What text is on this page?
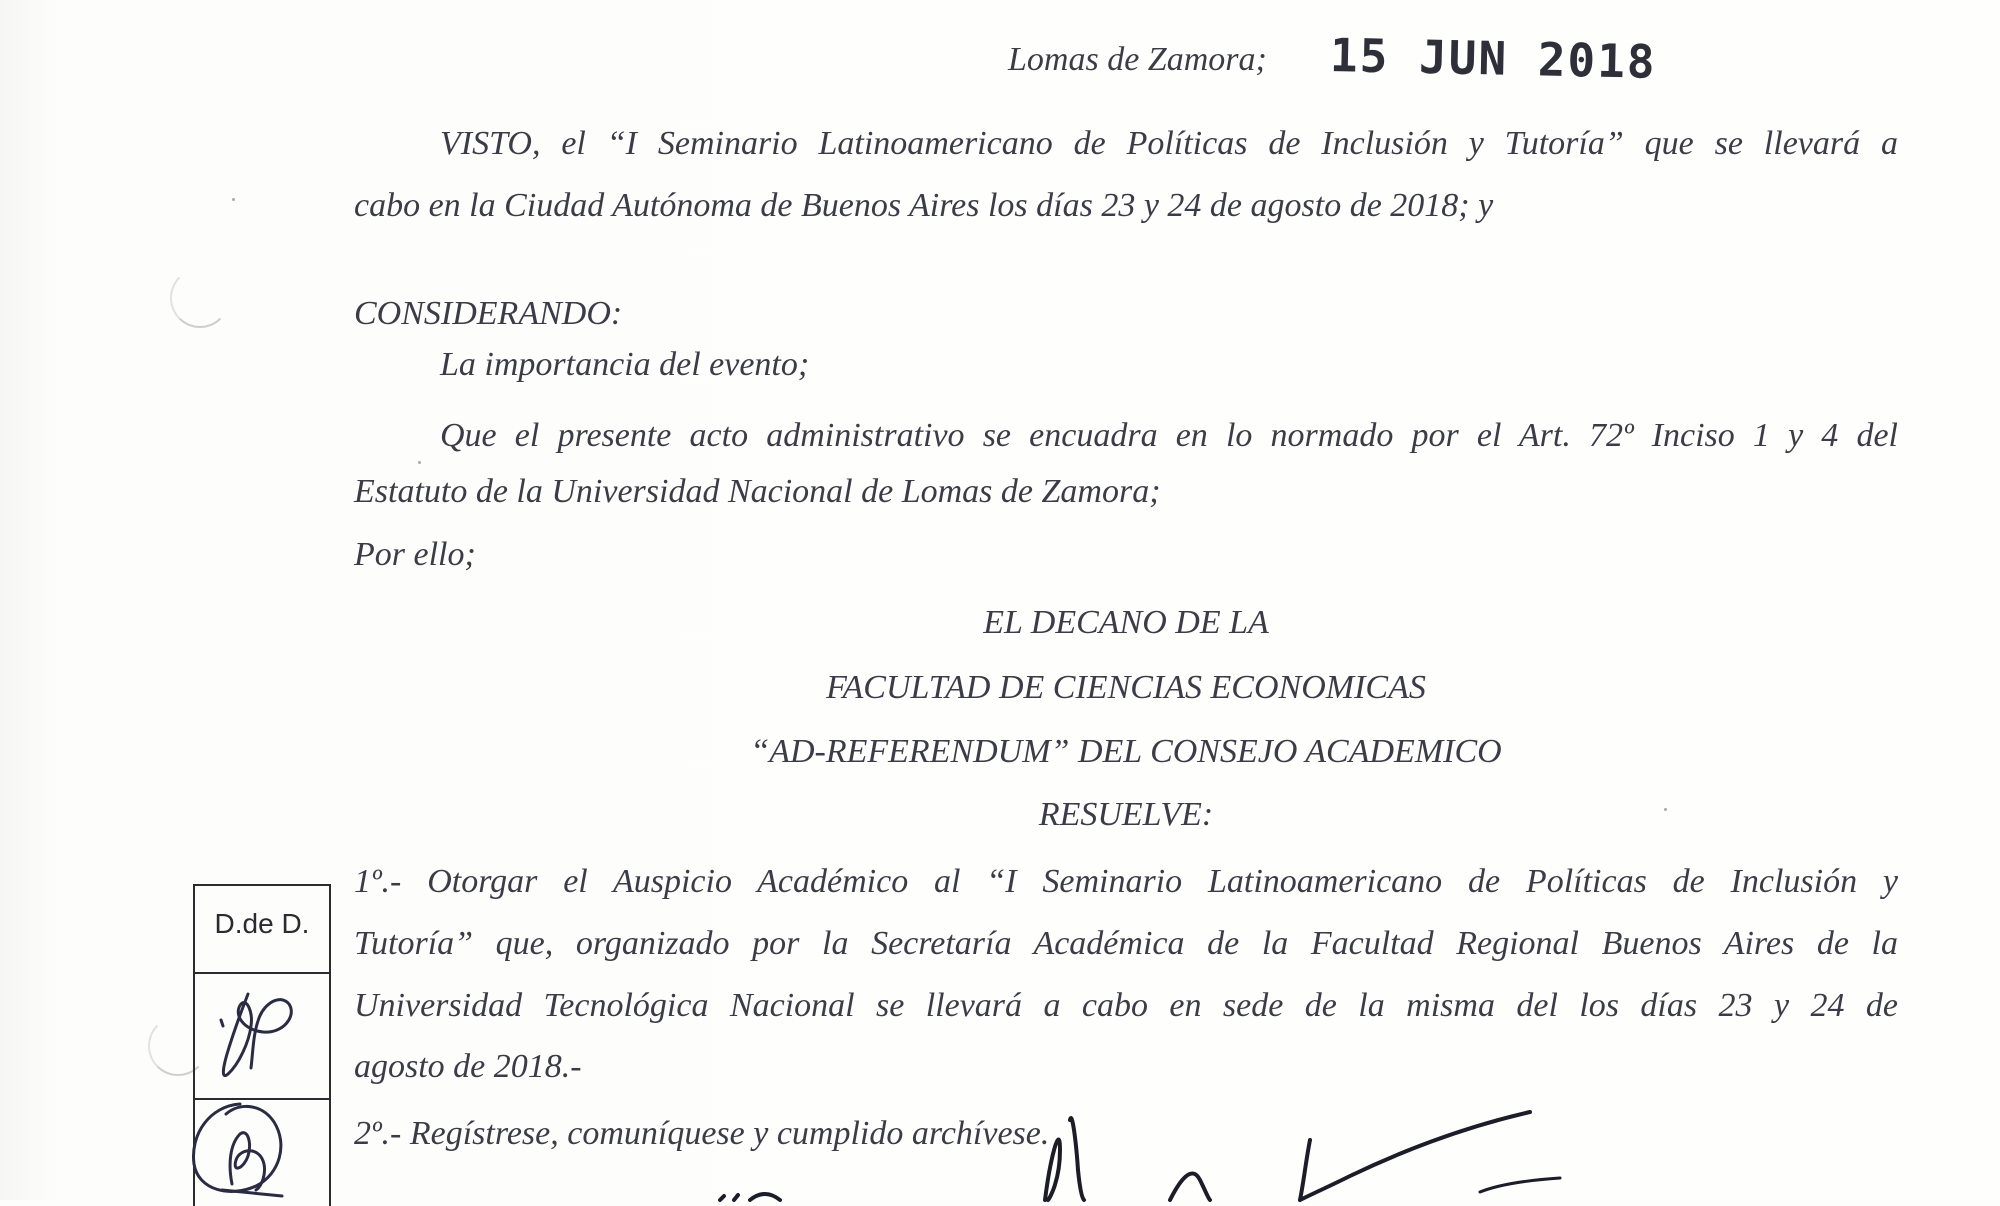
Lomas de Zamora; 15 JUN 2018
VISTO, el “I Seminario Latinoamericano de Políticas de Inclusión y Tutoría” que se llevará a
cabo en la Ciudad Autónoma de Buenos Aires los días 23 y 24 de agosto de 2018; y
CONSIDERANDO:
La importancia del evento;
Que el presente acto administrativo se encuadra en lo normado por el Art. 72º Inciso 1 y 4 del
Estatuto de la Universidad Nacional de Lomas de Zamora;
Por ello;
EL DECANO DE LA
FACULTAD DE CIENCIAS ECONOMICAS
“AD-REFERENDUM” DEL CONSEJO ACADEMICO
RESUELVE:
1º.- Otorgar el Auspicio Académico al “I Seminario Latinoamericano de Políticas de Inclusión y
Tutoría” que, organizado por la Secretaría Académica de la Facultad Regional Buenos Aires de la
Universidad Tecnológica Nacional se llevará a cabo en sede de la misma del los días 23 y 24 de
agosto de 2018.-
2º.- Regístrese, comuníquese y cumplido archívese.
D.de D.
